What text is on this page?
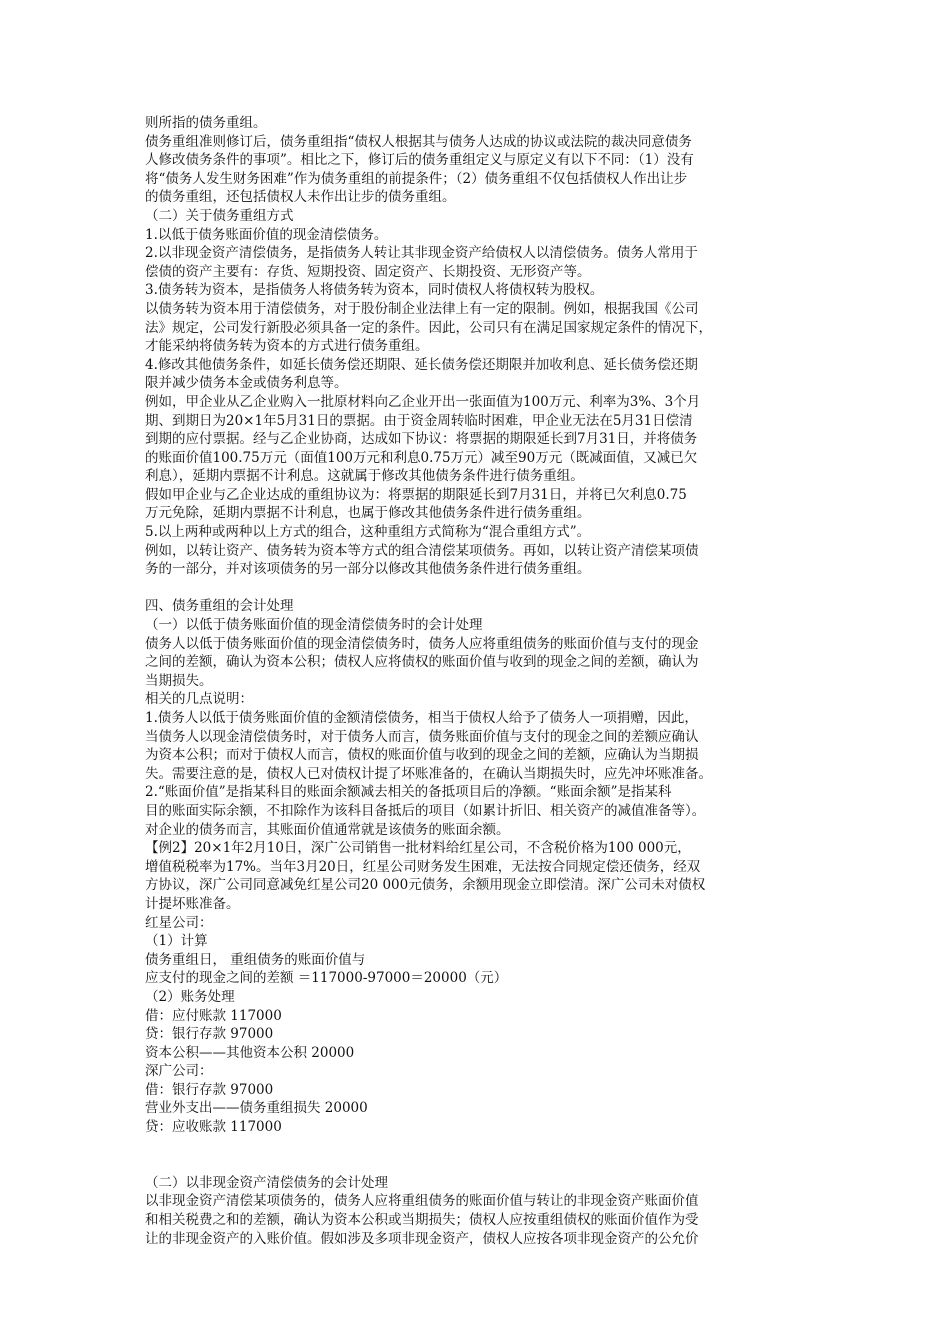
则所指的债务重组。
债务重组准则修订后，债务重组指“债权人根据其与债务人达成的协议或法院的裁决同意债务
人修改债务条件的事项”。相比之下，修订后的债务重组定义与原定义有以下不同：（1）没有
将“债务人发生财务困难”作为债务重组的前提条件；（2）债务重组不仅包括债权人作出让步
的债务重组，还包括债权人未作出让步的债务重组。
（二）关于债务重组方式
1.以低于债务账面价值的现金清偿债务。
2.以非现金资产清偿债务，是指债务人转让其非现金资产给债权人以清偿债务。债务人常用于
偿债的资产主要有：存货、短期投资、固定资产、长期投资、无形资产等。
3.债务转为资本，是指债务人将债务转为资本，同时债权人将债权转为股权。
以债务转为资本用于清偿债务，对于股份制企业法律上有一定的限制。例如，根据我国《公司
法》规定，公司发行新股必须具备一定的条件。因此，公司只有在满足国家规定条件的情况下，
才能采纳将债务转为资本的方式进行债务重组。
4.修改其他债务条件，如延长债务偿还期限、延长债务偿还期限并加收利息、延长债务偿还期
限并减少债务本金或债务利息等。
例如，甲企业从乙企业购入一批原材料向乙企业开出一张面值为100万元、利率为3%、3个月
期、到期日为20×1年5月31日的票据。由于资金周转临时困难，甲企业无法在5月31日偿清
到期的应付票据。经与乙企业协商，达成如下协议：将票据的期限延长到7月31日，并将债务
的账面价值100.75万元（面值100万元和利息0.75万元）减至90万元（既减面值，又减已欠
利息），延期内票据不计利息。这就属于修改其他债务条件进行债务重组。
假如甲企业与乙企业达成的重组协议为：将票据的期限延长到7月31日，并将已欠利息0.75
万元免除，延期内票据不计利息，也属于修改其他债务条件进行债务重组。
5.以上两种或两种以上方式的组合，这种重组方式简称为“混合重组方式”。
例如，以转让资产、债务转为资本等方式的组合清偿某项债务。再如，以转让资产清偿某项债
务的一部分，并对该项债务的另一部分以修改其他债务条件进行债务重组。
四、债务重组的会计处理
（一）以低于债务账面价值的现金清偿债务时的会计处理
债务人以低于债务账面价值的现金清偿债务时，债务人应将重组债务的账面价值与支付的现金
之间的差额，确认为资本公积；债权人应将债权的账面价值与收到的现金之间的差额，确认为
当期损失。
相关的几点说明：
1.债务人以低于债务账面价值的金额清偿债务，相当于债权人给予了债务人一项捐赠，因此，
当债务人以现金清偿债务时，对于债务人而言，债务账面价值与支付的现金之间的差额应确认
为资本公积；而对于债权人而言，债权的账面价值与收到的现金之间的差额，应确认为当期损
失。需要注意的是，债权人已对债权计提了坏账准备的，在确认当期损失时，应先冲坏账准备。
2.“账面价值”是指某科目的账面余额减去相关的备抵项目后的净额。“账面余额”是指某科
目的账面实际余额，不扣除作为该科目备抵后的项目（如累计折旧、相关资产的减值准备等）。
对企业的债务而言，其账面价值通常就是该债务的账面余额。
【例2】20×1年2月10日，深广公司销售一批材料给红星公司，不含税价格为100 000元，
增值税税率为17%。当年3月20日，红星公司财务发生困难，无法按合同规定偿还债务，经双
方协议，深广公司同意减免红星公司20 000元债务，余额用现金立即偿清。深广公司未对债权
计提坏账准备。
红星公司：
（1）计算
债务重组日， 重组债务的账面价值与
应支付的现金之间的差额 ＝117000-97000＝20000（元）
（2）账务处理
借：应付账款 117000
贷：银行存款 97000
资本公积——其他资本公积 20000
深广公司：
借：银行存款 97000
营业外支出——债务重组损失 20000
贷：应收账款 117000
（二）以非现金资产清偿债务的会计处理
以非现金资产清偿某项债务的，债务人应将重组债务的账面价值与转让的非现金资产账面价值
和相关税费之和的差额，确认为资本公积或当期损失；债权人应按重组债权的账面价值作为受
让的非现金资产的入账价值。假如涉及多项非现金资产，债权人应按各项非现金资产的公允价
